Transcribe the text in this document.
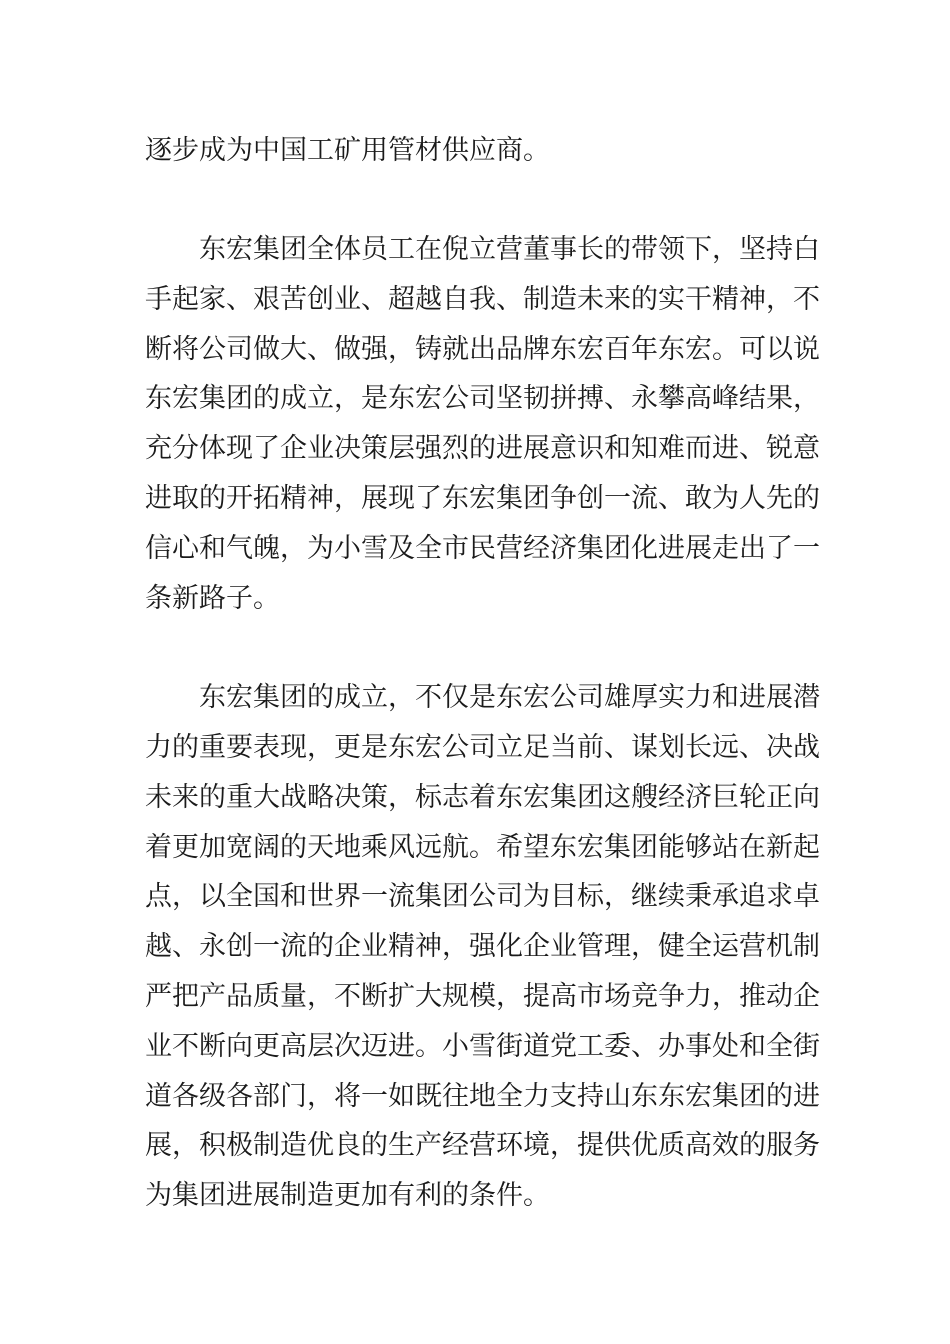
逐步成为中国工矿用管材供应商。

东宏集团全体员工在倪立营董事长的带领下，坚持白

手起家、艰苦创业、超越自我、制造未来的实干精神，不

断将公司做大、做强，铸就出品牌东宏百年东宏。可以说

东宏集团的成立，是东宏公司坚韧拼搏、永攀高峰结果，

充分体现了企业决策层强烈的进展意识和知难而进、锐意

进取的开拓精神，展现了东宏集团争创一流、敢为人先的

信心和气魄，为小雪及全市民营经济集团化进展走出了一

条新路子。

东宏集团的成立，不仅是东宏公司雄厚实力和进展潜

力的重要表现，更是东宏公司立足当前、谋划长远、决战

未来的重大战略决策，标志着东宏集团这艘经济巨轮正向

着更加宽阔的天地乘风远航。希望东宏集团能够站在新起

点，以全国和世界一流集团公司为目标，继续秉承追求卓

越、永创一流的企业精神，强化企业管理，健全运营机制

严把产品质量，不断扩大规模，提高市场竞争力，推动企

业不断向更高层次迈进。小雪街道党工委、办事处和全街

道各级各部门，将一如既往地全力支持山东东宏集团的进

展，积极制造优良的生产经营环境，提供优质高效的服务

为集团进展制造更加有利的条件。
